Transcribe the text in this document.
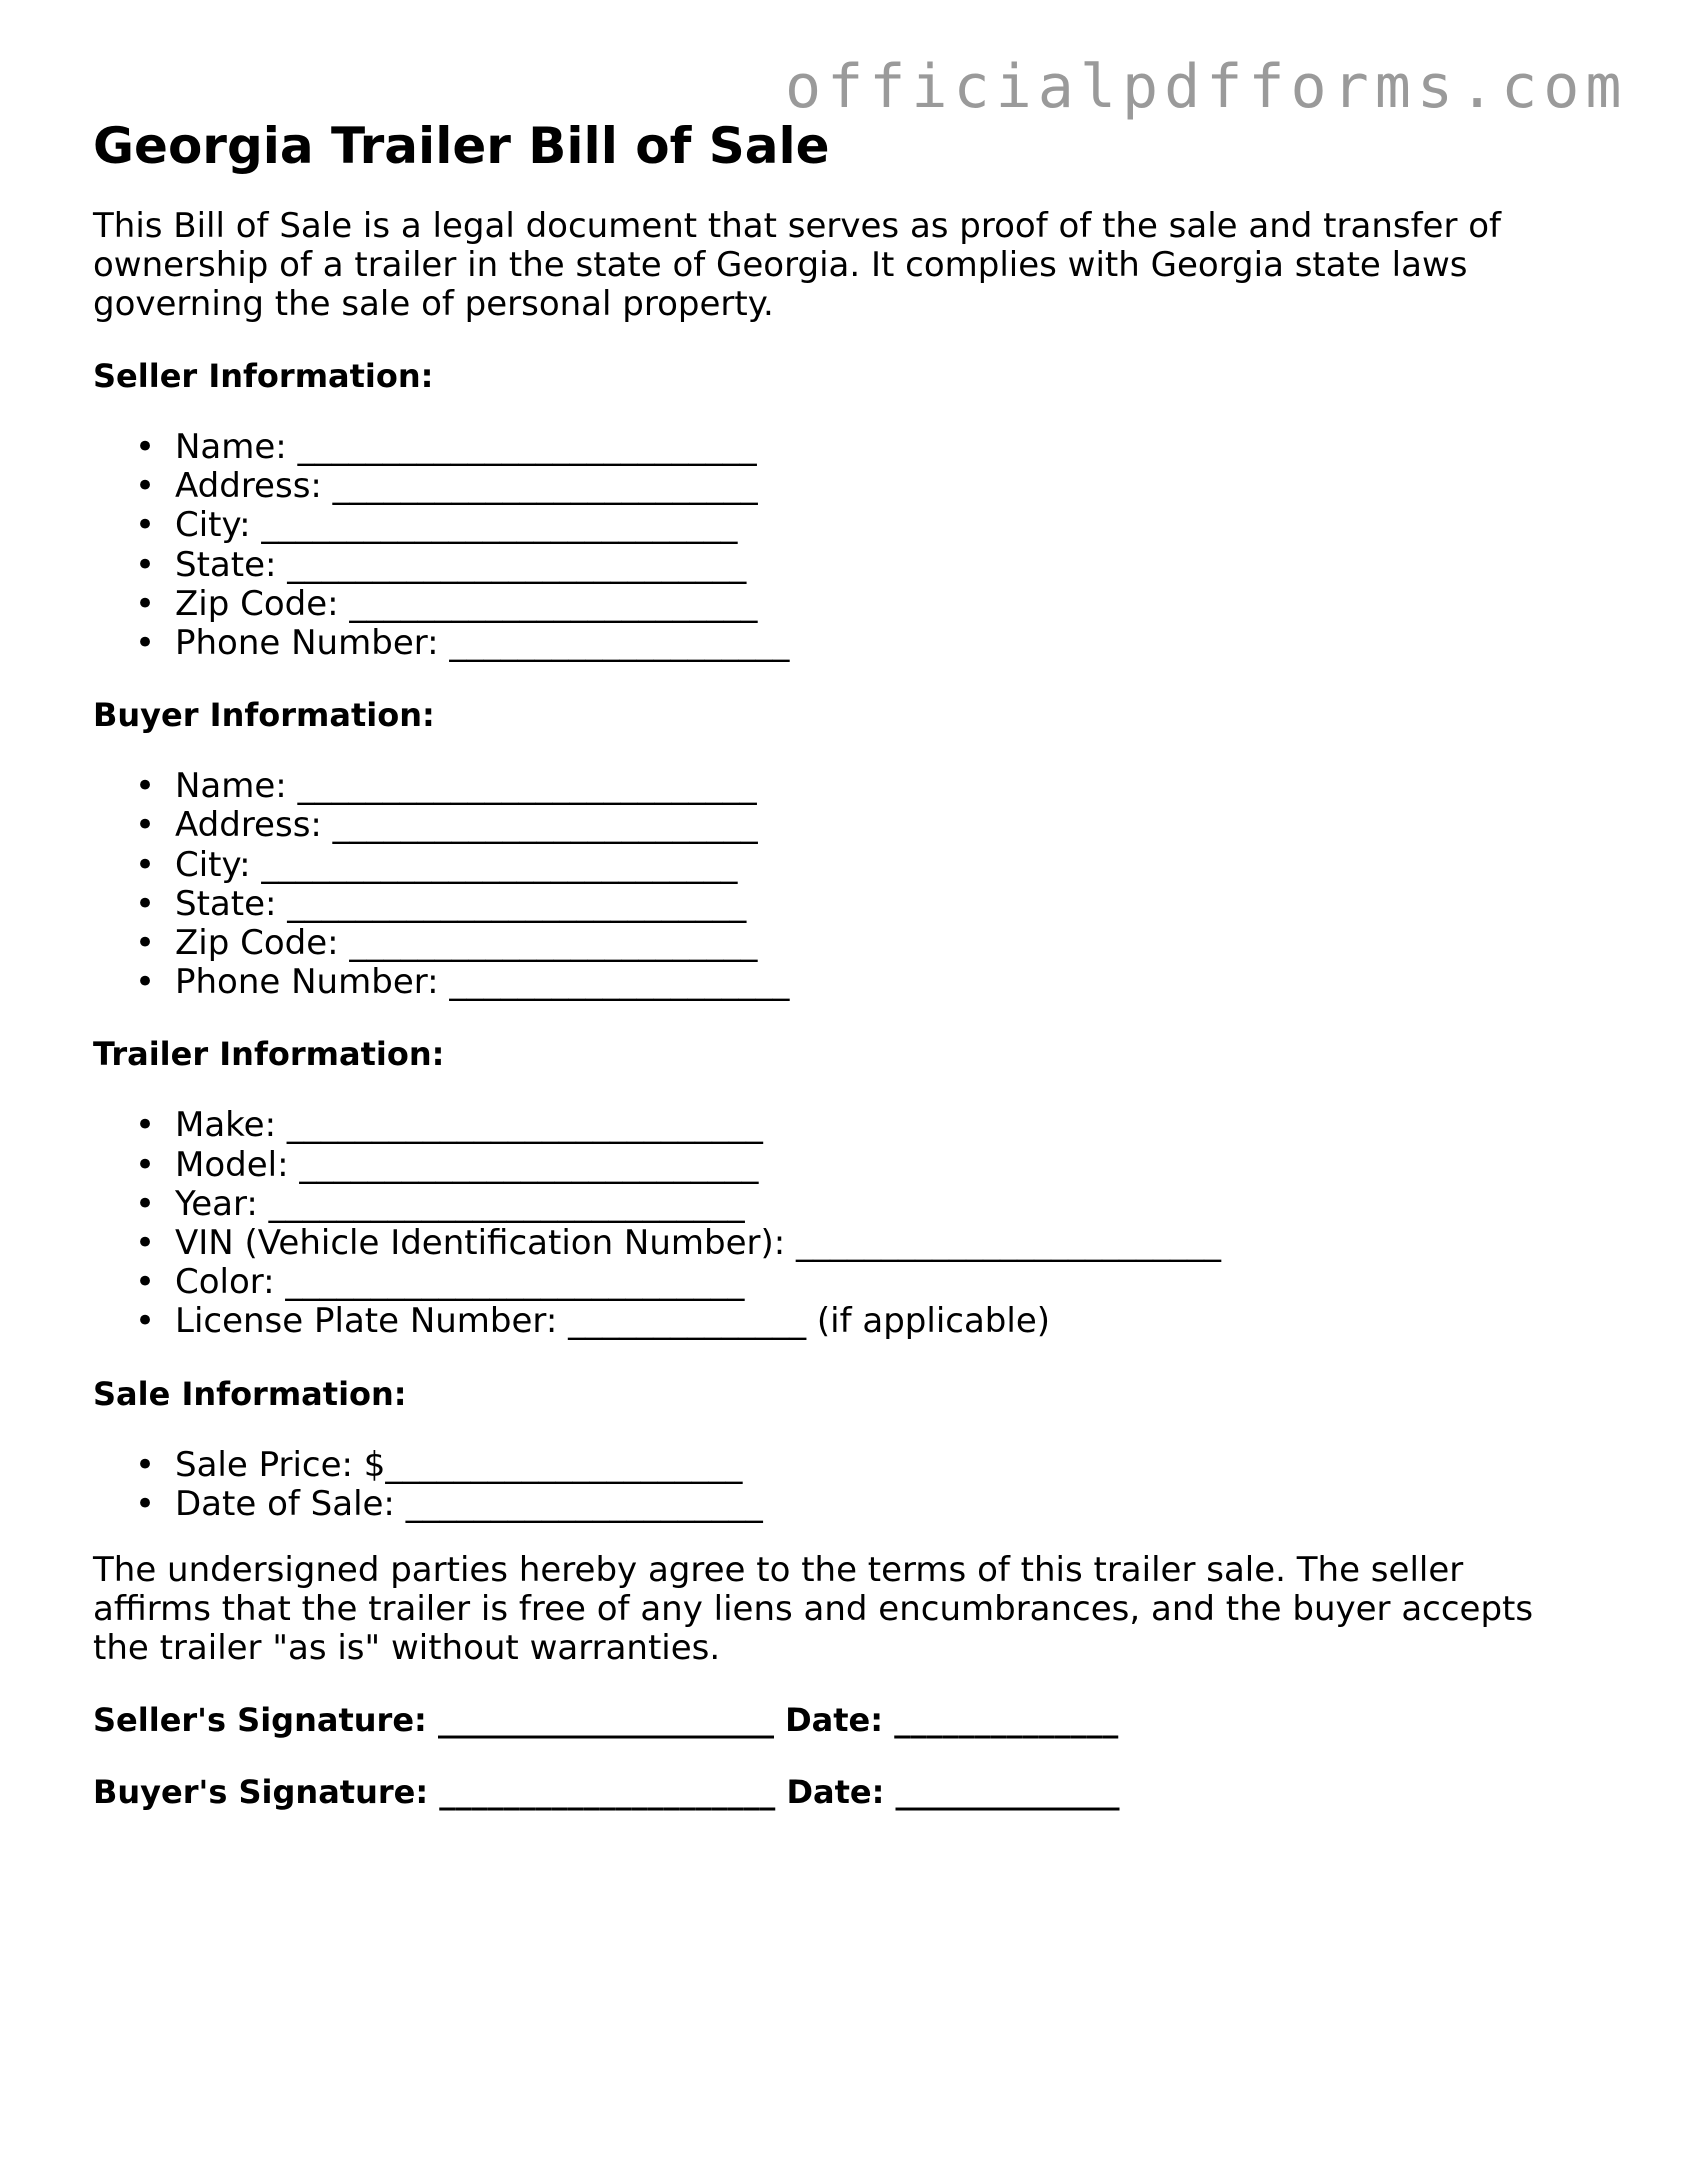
officialpdfforms.com
Georgia Trailer Bill of Sale

This Bill of Sale is a legal document that serves as proof of the sale and transfer of ownership of a trailer in the state of Georgia. It complies with Georgia state laws governing the sale of personal property.

Seller Information:
• Name: ___________________________
• Address: _________________________
• City: ____________________________
• State: ___________________________
• Zip Code: ________________________
• Phone Number: ____________________
Buyer Information:
• Name: ___________________________
• Address: _________________________
• City: ____________________________
• State: ___________________________
• Zip Code: ________________________
• Phone Number: ____________________
Trailer Information:
• Make: ____________________________
• Model: ___________________________
• Year: ____________________________
• VIN (Vehicle Identification Number): _________________________
• Color: ___________________________
• License Plate Number: ______________ (if applicable)
Sale Information:
• Sale Price: $_____________________
• Date of Sale: _____________________

The undersigned parties hereby agree to the terms of this trailer sale. The seller affirms that the trailer is free of any liens and encumbrances, and the buyer accepts the trailer "as is" without warranties.

Seller's Signature: _____________________ Date: ______________
Buyer's Signature: _____________________ Date: ______________
